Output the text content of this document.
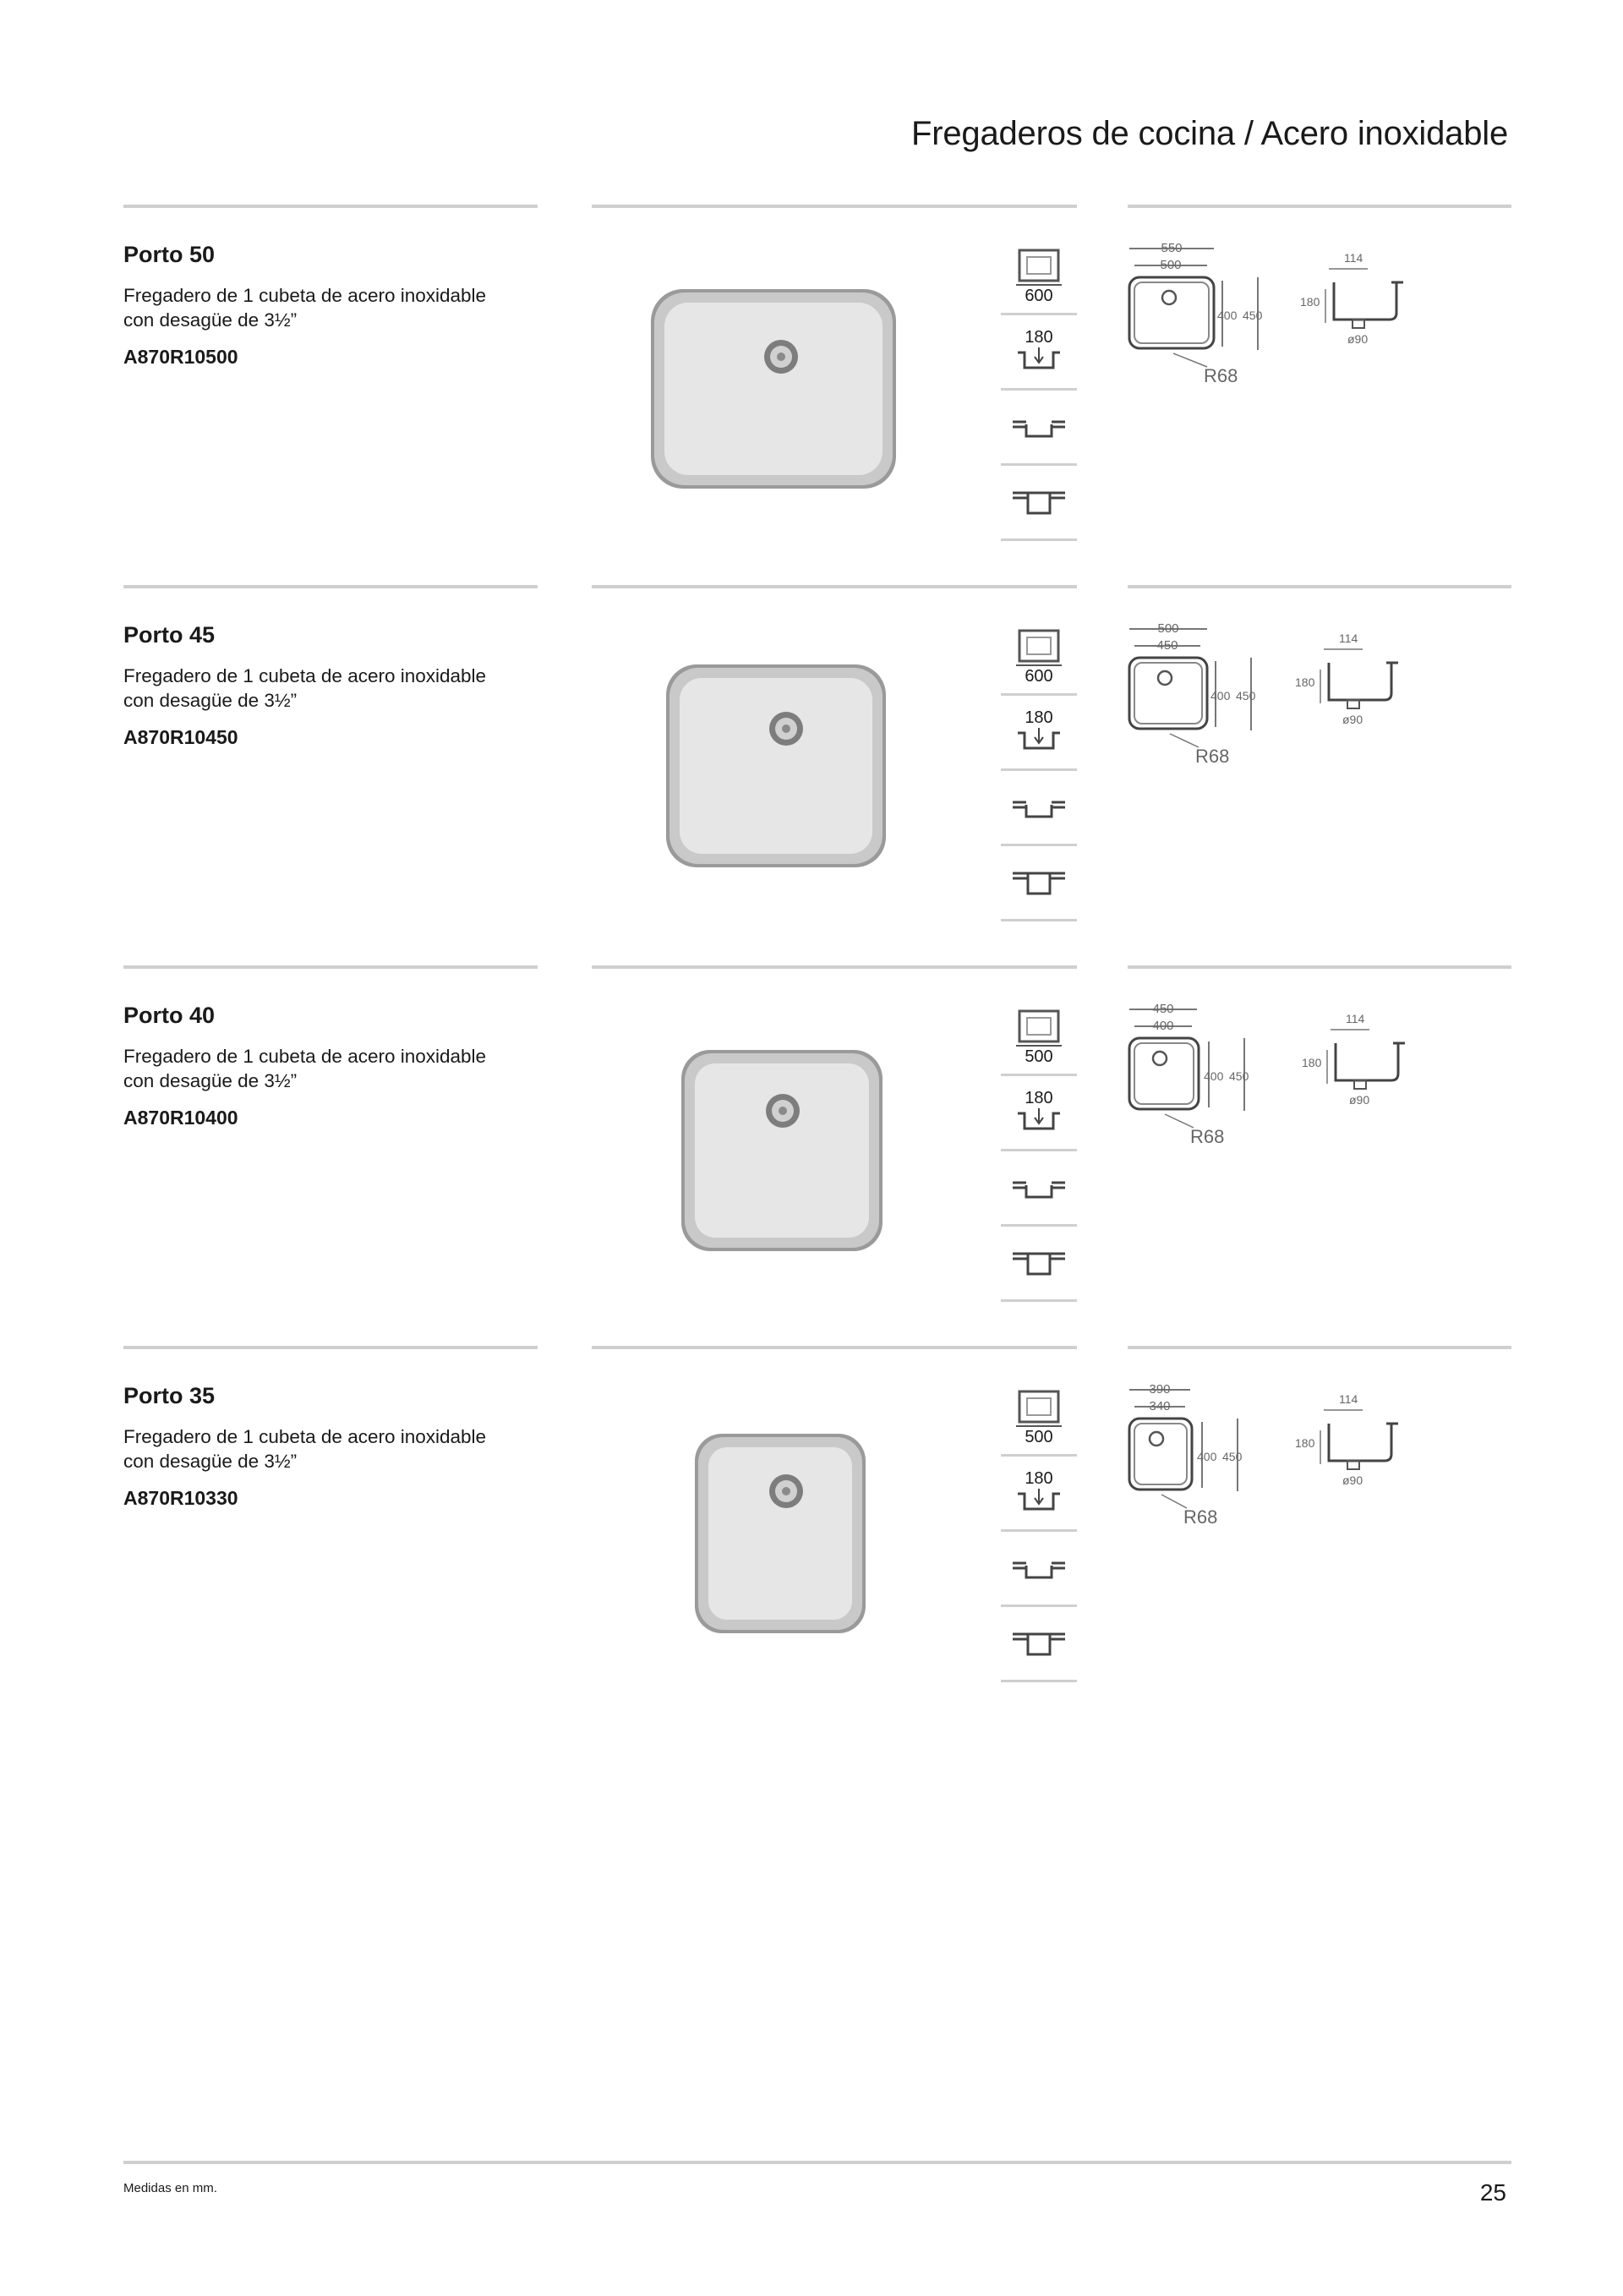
Fregaderos de cocina / Acero inoxidable
Porto 50
Fregadero de 1 cubeta de acero inoxidable
con desagüe de 3½”
A870R10500
600
180
550
500
400 450
R68
114
180
ø90
Porto 45
Fregadero de 1 cubeta de acero inoxidable
con desagüe de 3½”
A870R10450
600
180
500
450
400 450
R68
114
180
ø90
Porto 40
Fregadero de 1 cubeta de acero inoxidable
con desagüe de 3½”
A870R10400
500
180
450
400
400 450
R68
114
180
ø90
Porto 35
Fregadero de 1 cubeta de acero inoxidable
con desagüe de 3½”
A870R10330
500
180
390
340
400 450
R68
114
180
ø90
Medidas en mm.	25
